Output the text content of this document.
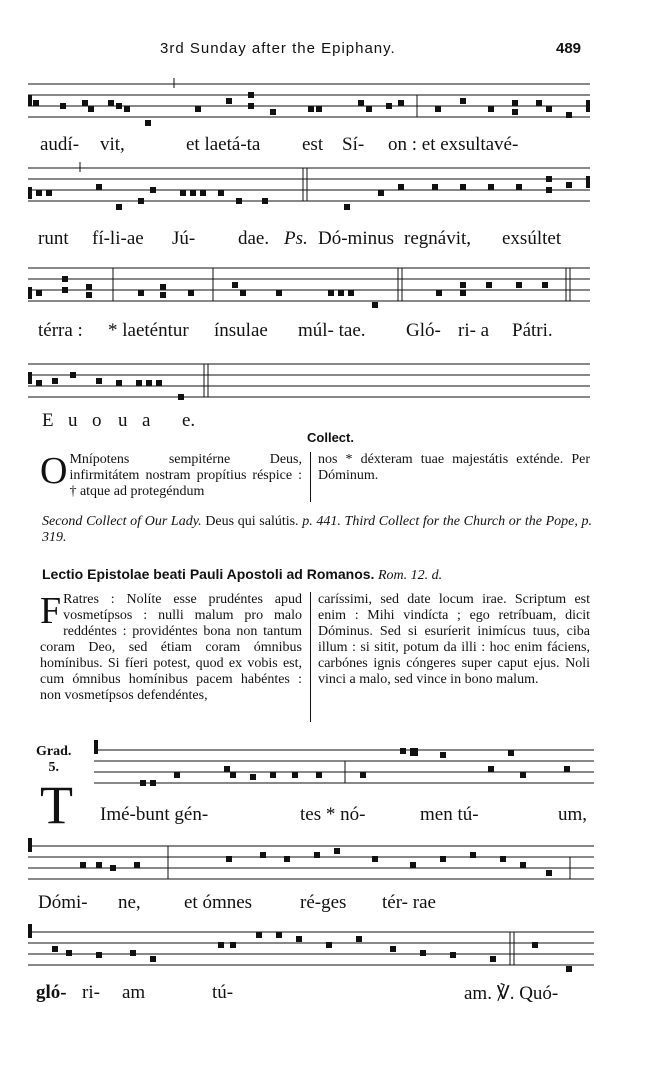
3rd Sunday after the Epiphany.	489
audí- vit,	et laetá-ta est Sí- on : et exsultavé-
runt fí-li-ae Jú- dae. Ps. Dó-minus regnávit, exsúltet
térra : * laeténtur ínsulae múl- tae. Gló- ri- a Pátri.
E u o u a e.
Collect.
O Mnípotens sempitérne Deus, infirmitátem nostram propítius réspice : † atque ad protegéndum
nos * déxteram tuae majestátis exténde. Per Dóminum.
Second Collect of Our Lady. Deus qui salútis. p. 441. Third Collect for the Church or the Pope, p. 319.
Lectio Epistolae beati Pauli Apostoli ad Romanos. Rom. 12. d.
F Ratres : Nolíte esse prudéntes apud vosmetípsos : nulli malum pro malo reddéntes : providéntes bona non tantum coram Deo, sed étiam coram ómnibus homínibus. Si fíeri potest, quod ex vobis est, cum ómnibus homínibus pacem habéntes : non vosmetípsos defendéntes,
caríssimi, sed date locum irae. Scriptum est enim : Mihi vindícta ; ego retríbuam, dicit Dóminus. Sed si esuríerit inimícus tuus, ciba illum : si sitit, potum da illi : hoc enim fáciens, carbónes ignis cóngeres super caput ejus. Noli vinci a malo, sed vince in bono malum.
Grad.
5.
T Imé-bunt gén-	tes * nó-	men tú-	um,
Dómi- ne, et ómnes	ré-ges tér- rae
gló- ri- am	tú-	am. ℣. Quó-
